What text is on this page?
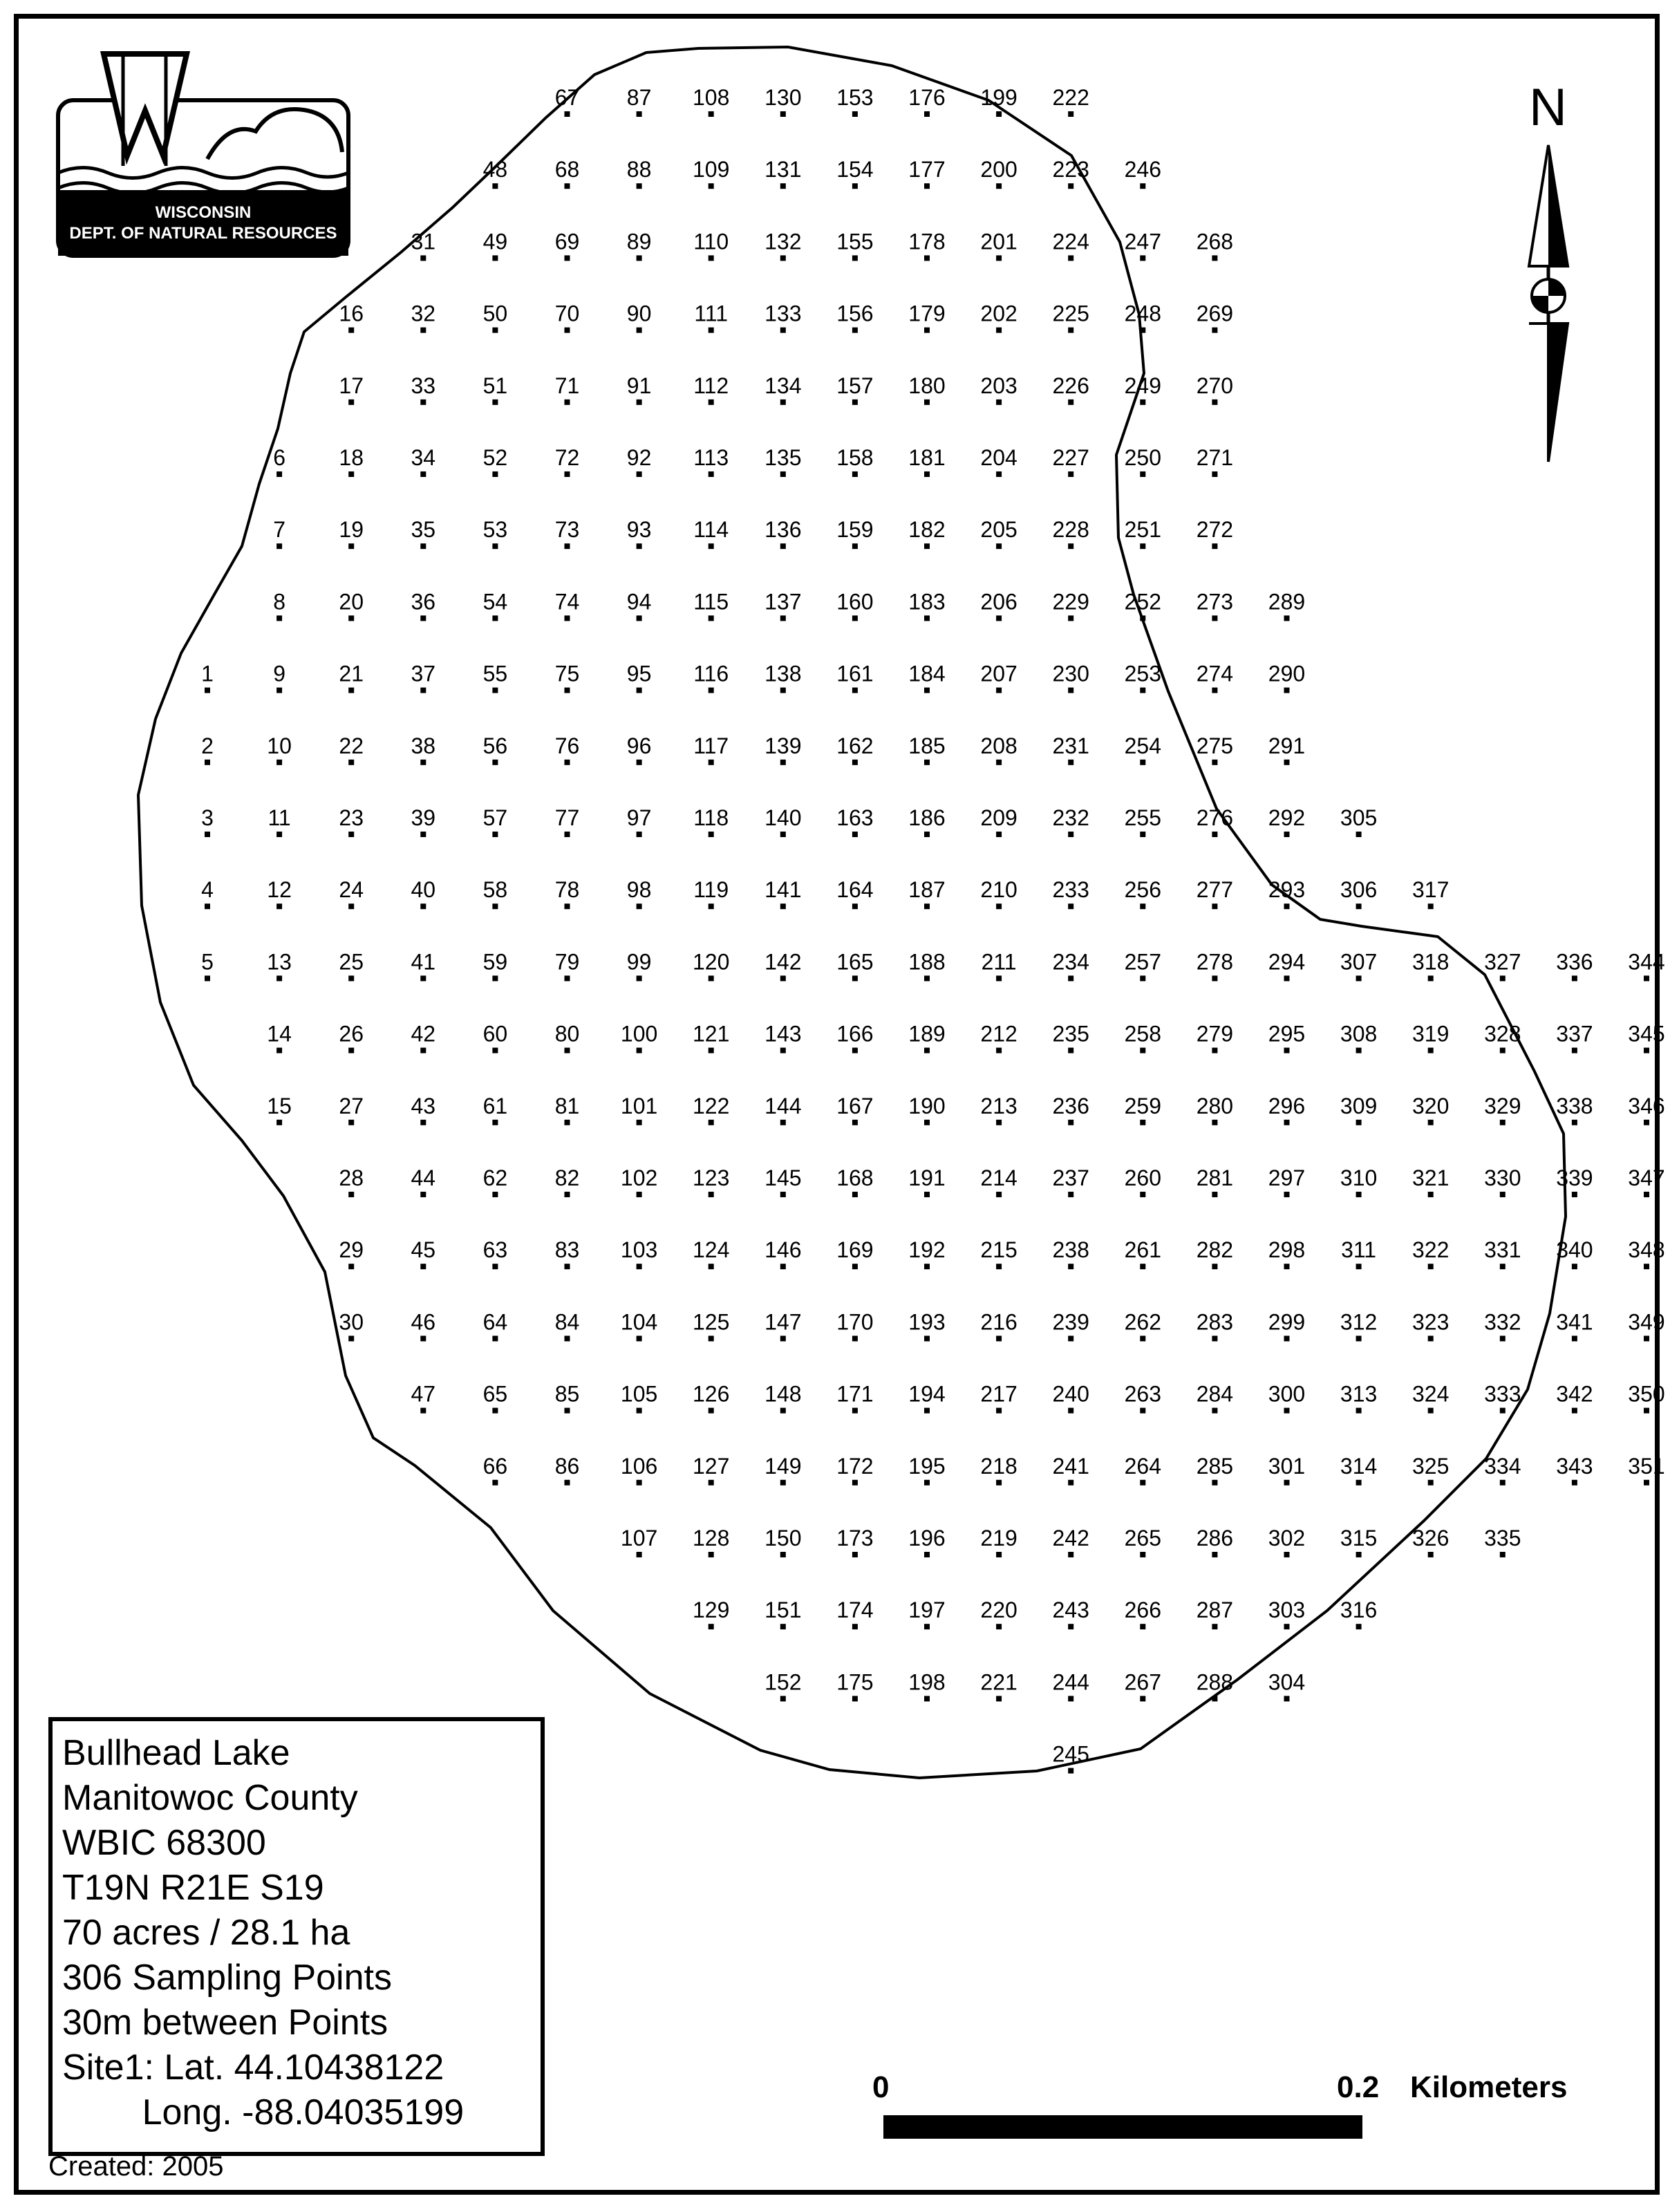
1
2
3
4
5
6
7
8
9
10
11
12
13
14
15
16
17
18
19
20
21
22
23
24
25
26
27
28
29
30
31
32
33
34
35
36
37
38
39
40
41
42
43
44
45
46
47
48
49
50
51
52
53
54
55
56
57
58
59
60
61
62
63
64
65
66
67
68
69
70
71
72
73
74
75
76
77
78
79
80
81
82
83
84
85
86
87
88
89
90
91
92
93
94
95
96
97
98
99
100
101
102
103
104
105
106
107
108
109
110
111
112
113
114
115
116
117
118
119
120
121
122
123
124
125
126
127
128
129
130
131
132
133
134
135
136
137
138
139
140
141
142
143
144
145
146
147
148
149
150
151
152
153
154
155
156
157
158
159
160
161
162
163
164
165
166
167
168
169
170
171
172
173
174
175
176
177
178
179
180
181
182
183
184
185
186
187
188
189
190
191
192
193
194
195
196
197
198
199
200
201
202
203
204
205
206
207
208
209
210
211
212
213
214
215
216
217
218
219
220
221
222
223
224
225
226
227
228
229
230
231
232
233
234
235
236
237
238
239
240
241
242
243
244
245
246
247
248
249
250
251
252
253
254
255
256
257
258
259
260
261
262
263
264
265
266
267
268
269
270
271
272
273
274
275
276
277
278
279
280
281
282
283
284
285
286
287
288
289
290
291
292
293
294
295
296
297
298
299
300
301
302
303
304
305
306
307
308
309
310
311
312
313
314
315
316
317
318
319
320
321
322
323
324
325
326
327
328
329
330
331
332
333
334
335
336
337
338
339
340
341
342
343
344
345
346
347
348
349
350
351
WISCONSIN
DEPT. OF NATURAL RESOURCES
N
Bullhead Lake
Manitowoc County
WBIC 68300
T19N R21E S19
70 acres / 28.1 ha
306 Sampling Points
30m between Points
Site1: Lat. 44.10438122
Long. -88.04035199
Created: 2005
0	0.2 Kilometers
